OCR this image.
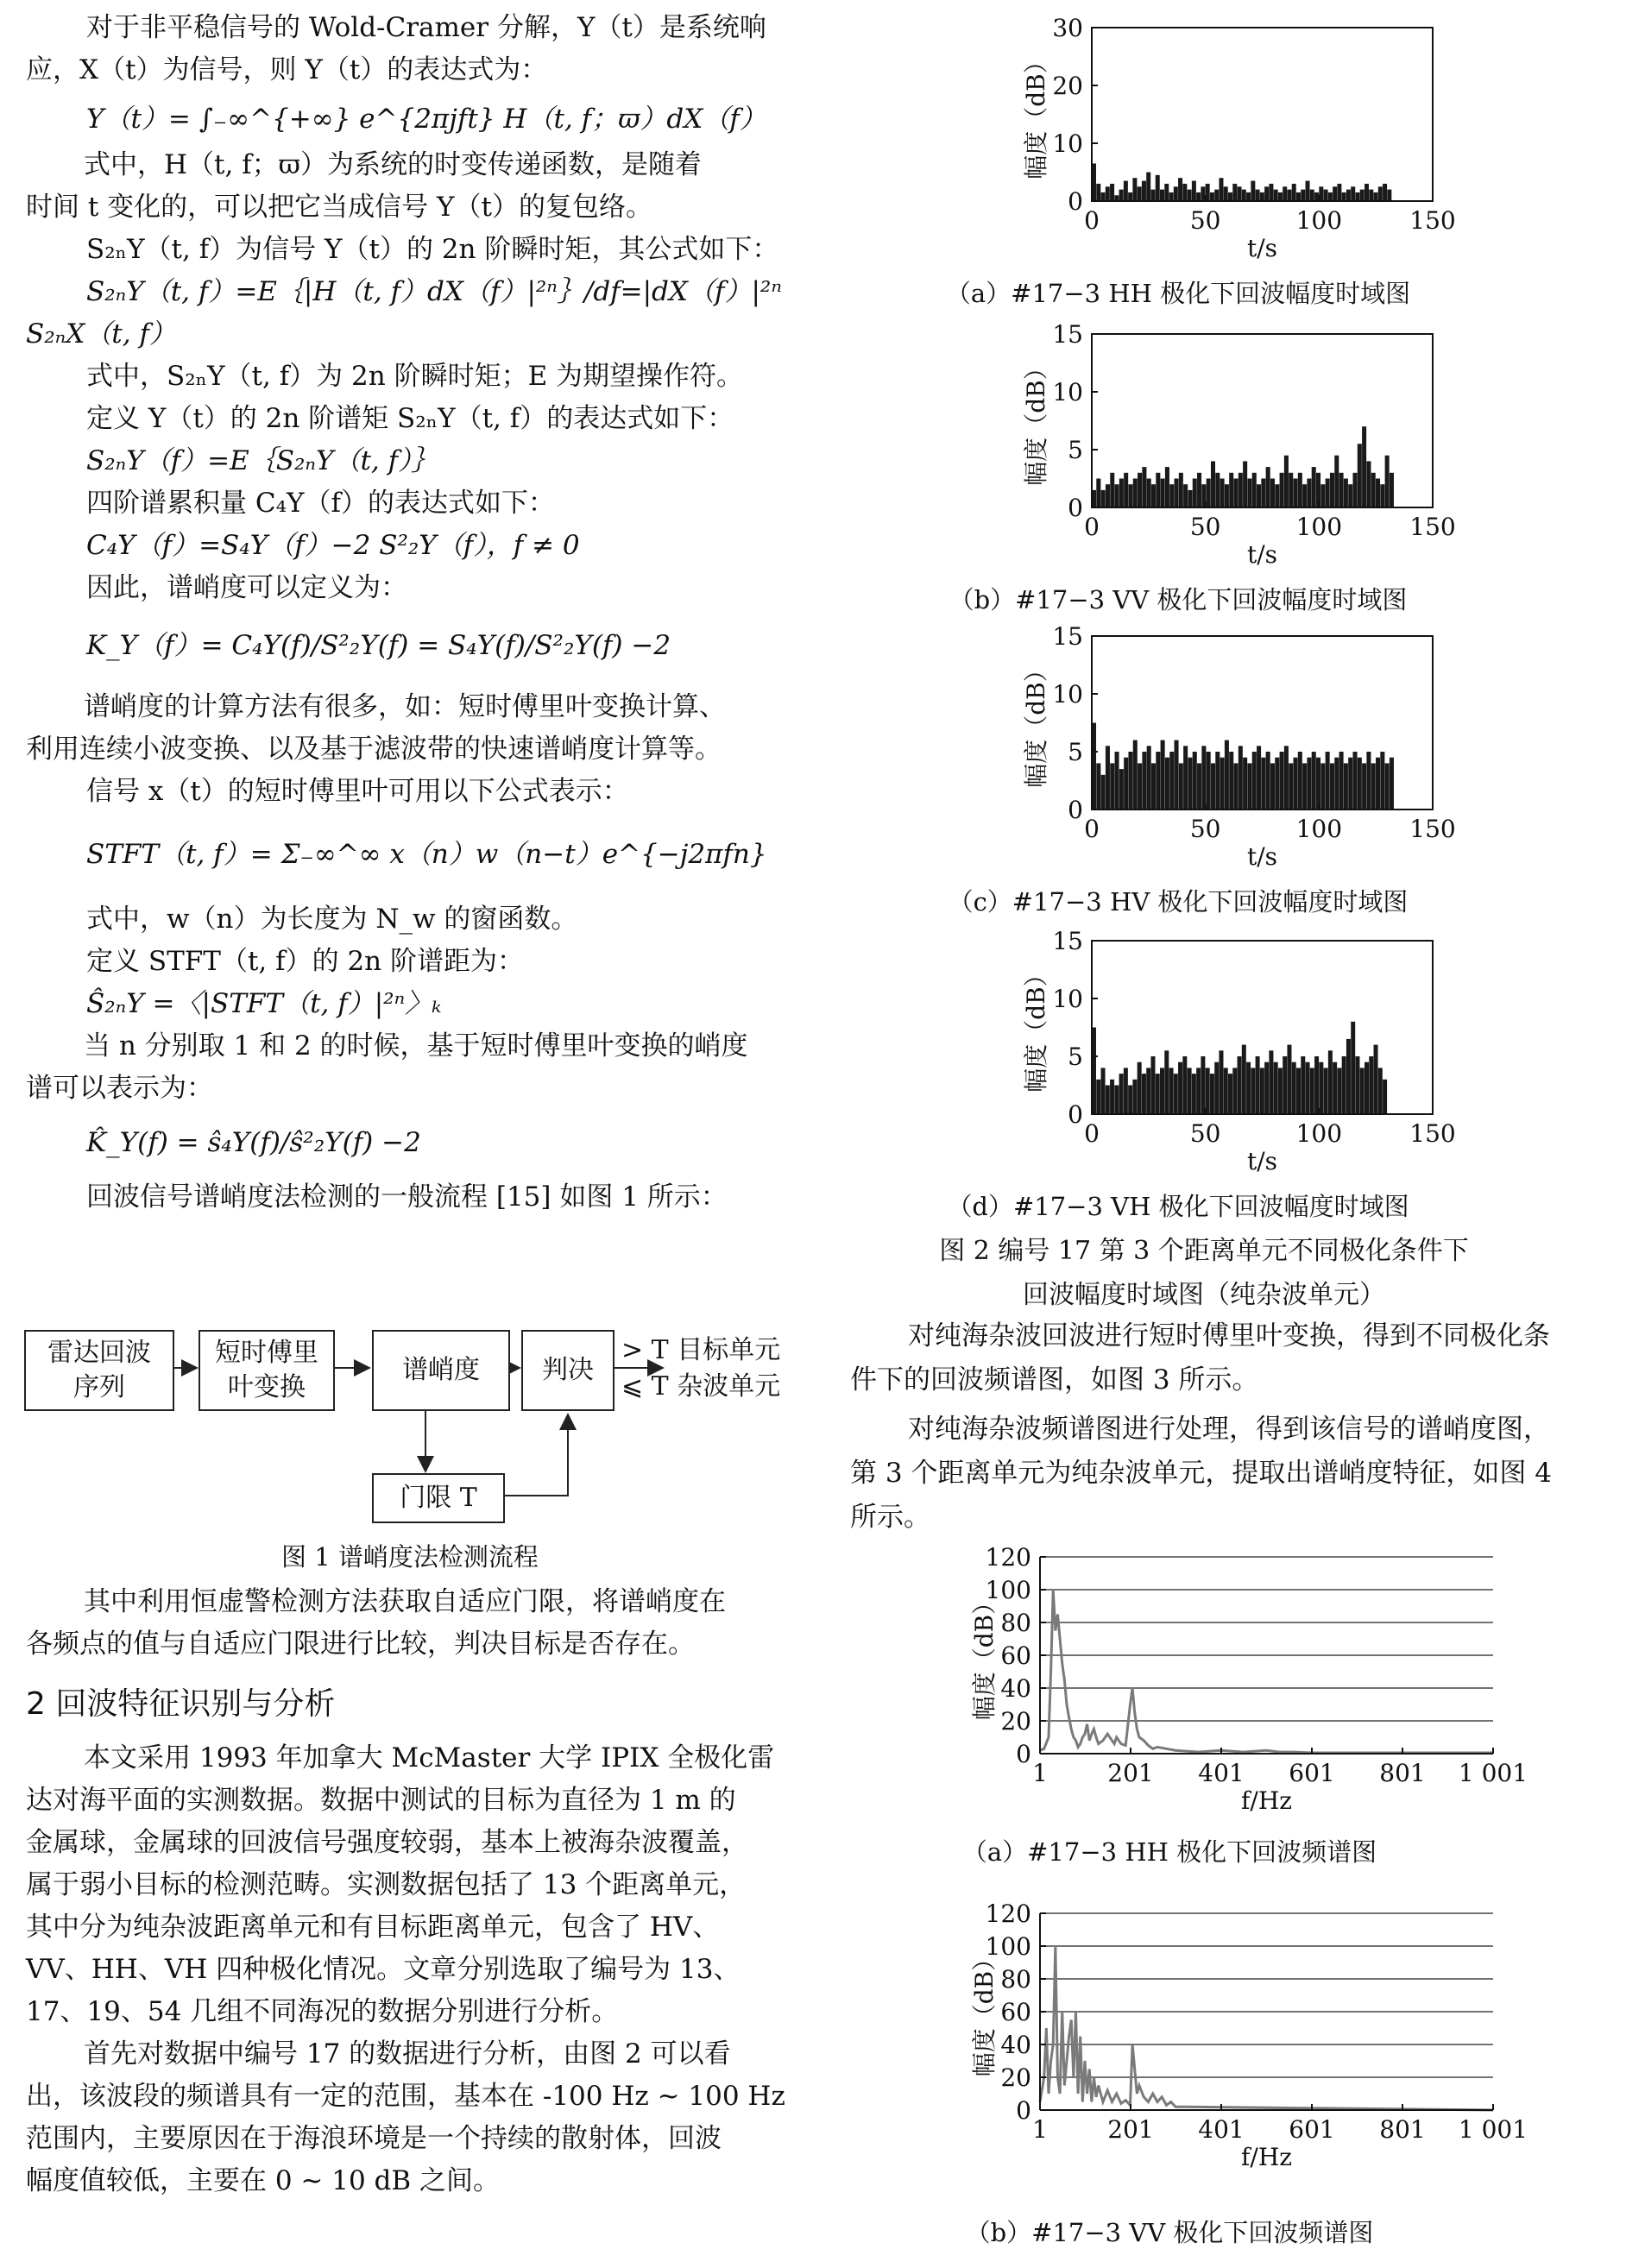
对于非平稳信号的 Wold-Cramer 分解，Y（t）是系统响
应，X（t）为信号，则 Y（t）的表达式为：
Y（t）= ∫₋∞^{+∞} e^{2πjft} H（t, f；ϖ）dX（f）
式中，H（t, f；ϖ）为系统的时变传递函数，是随着
时间 t 变化的，可以把它当成信号 Y（t）的复包络。
S₂ₙY（t, f）为信号 Y（t）的 2n 阶瞬时矩，其公式如下：
S₂ₙY（t, f）=E｛|H（t, f）dX（f）|²ⁿ｝/df=|dX（f）|²ⁿ
S₂ₙX（t, f）
式中，S₂ₙY（t, f）为 2n 阶瞬时矩；E 为期望操作符。
定义 Y（t）的 2n 阶谱矩 S₂ₙY（t, f）的表达式如下：
S₂ₙY（f）=E｛S₂ₙY（t, f）｝
四阶谱累积量 C₄Y（f）的表达式如下：
C₄Y（f）=S₄Y（f）−2 S²₂Y（f），f ≠ 0
因此，谱峭度可以定义为：
K_Y（f）= C₄Y(f)/S²₂Y(f) = S₄Y(f)/S²₂Y(f) −2
谱峭度的计算方法有很多，如：短时傅里叶变换计算、
利用连续小波变换、以及基于滤波带的快速谱峭度计算等。
信号 x（t）的短时傅里叶可用以下公式表示：
STFT（t, f）= Σ₋∞^∞ x（n）w（n−t）e^{−j2πfn}
式中，w（n）为长度为 N_w 的窗函数。
定义 STFT（t, f）的 2n 阶谱距为：
Ŝ₂ₙY =〈|STFT（t, f）|²ⁿ〉ₖ
当 n 分别取 1 和 2 的时候，基于短时傅里叶变换的峭度
谱可以表示为：
K̂_Y(f) = ŝ₄Y(f)/ŝ²₂Y(f) −2
回波信号谱峭度法检测的一般流程 [15] 如图 1 所示：
雷达回波
序列
短时傅里
叶变换
谱峭度	判决
门限 T
> T 目标单元
⩽ T 杂波单元
图 1 谱峭度法检测流程
其中利用恒虚警检测方法获取自适应门限，将谱峭度在
各频点的值与自适应门限进行比较，判决目标是否存在。
2 回波特征识别与分析
本文采用 1993 年加拿大 McMaster 大学 IPIX 全极化雷
达对海平面的实测数据。数据中测试的目标为直径为 1 m 的
金属球，金属球的回波信号强度较弱，基本上被海杂波覆盖，
属于弱小目标的检测范畴。实测数据包括了 13 个距离单元，
其中分为纯杂波距离单元和有目标距离单元，包含了 HV、
VV、HH、VH 四种极化情况。文章分别选取了编号为 13、
17、19、54 几组不同海况的数据分别进行分析。
首先对数据中编号 17 的数据进行分析，由图 2 可以看
出，该波段的频谱具有一定的范围，基本在 -100 Hz ~ 100 Hz
范围内，主要原因在于海浪环境是一个持续的散射体，回波
幅度值较低，主要在 0 ~ 10 dB 之间。
0
10
20
30
0	50	100	150
t/s
幅度（dB）
（a）#17−3 HH 极化下回波幅度时域图
0
5
10
15
0	50	100	150
t/s
幅度（dB）
（b）#17−3 VV 极化下回波幅度时域图
0
5
10
15
0	50	100	150
t/s
幅度（dB）
（c）#17−3 HV 极化下回波幅度时域图
0
5
10
15
0	50	100	150
t/s
幅度（dB）
（d）#17−3 VH 极化下回波幅度时域图
图 2 编号 17 第 3 个距离单元不同极化条件下
回波幅度时域图（纯杂波单元）
对纯海杂波回波进行短时傅里叶变换，得到不同极化条
件下的回波频谱图，如图 3 所示。
对纯海杂波频谱图进行处理，得到该信号的谱峭度图，
第 3 个距离单元为纯杂波单元，提取出谱峭度特征，如图 4
所示。
0
20
40
60
80
100
120
1 201 401 601 801 1 001
f/Hz
幅度（dB）
（a）#17−3 HH 极化下回波频谱图
0
20
40
60
80
100
120
1 201 401 601 801 1 001
f/Hz
幅度（dB）
（b）#17−3 VV 极化下回波频谱图
